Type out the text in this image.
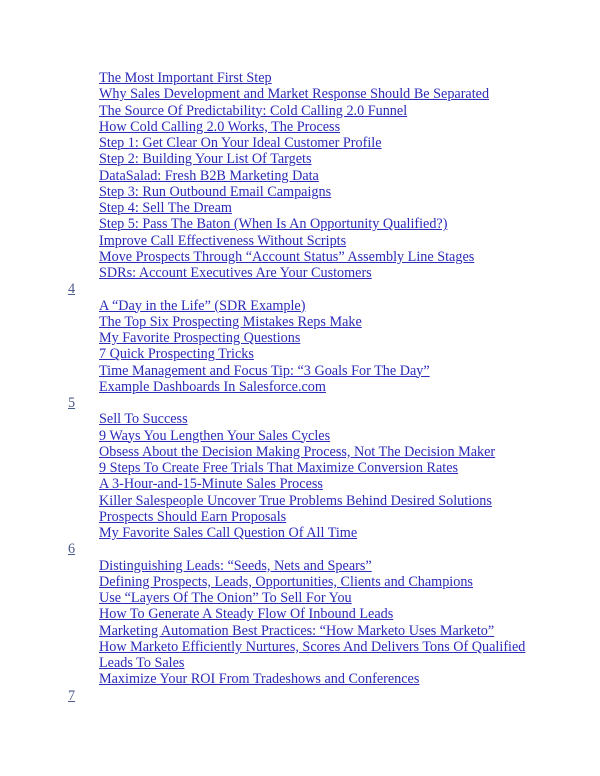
The Most Important First Step
Why Sales Development and Market Response Should Be Separated
The Source Of Predictability: Cold Calling 2.0 Funnel
How Cold Calling 2.0 Works, The Process
Step 1: Get Clear On Your Ideal Customer Profile
Step 2: Building Your List Of Targets
DataSalad: Fresh B2B Marketing Data
Step 3: Run Outbound Email Campaigns
Step 4: Sell The Dream
Step 5: Pass The Baton (When Is An Opportunity Qualified?)
Improve Call Effectiveness Without Scripts
Move Prospects Through “Account Status” Assembly Line Stages
SDRs: Account Executives Are Your Customers
4
A “Day in the Life” (SDR Example)
The Top Six Prospecting Mistakes Reps Make
My Favorite Prospecting Questions
7 Quick Prospecting Tricks
Time Management and Focus Tip: “3 Goals For The Day”
Example Dashboards In Salesforce.com
5
Sell To Success
9 Ways You Lengthen Your Sales Cycles
Obsess About the Decision Making Process, Not The Decision Maker
9 Steps To Create Free Trials That Maximize Conversion Rates
A 3-Hour-and-15-Minute Sales Process
Killer Salespeople Uncover True Problems Behind Desired Solutions
Prospects Should Earn Proposals
My Favorite Sales Call Question Of All Time
6
Distinguishing Leads: “Seeds, Nets and Spears”
Defining Prospects, Leads, Opportunities, Clients and Champions
Use “Layers Of The Onion” To Sell For You
How To Generate A Steady Flow Of Inbound Leads
Marketing Automation Best Practices: “How Marketo Uses Marketo”
How Marketo Efficiently Nurtures, Scores And Delivers Tons Of Qualified Leads To Sales
Maximize Your ROI From Tradeshows and Conferences
7
